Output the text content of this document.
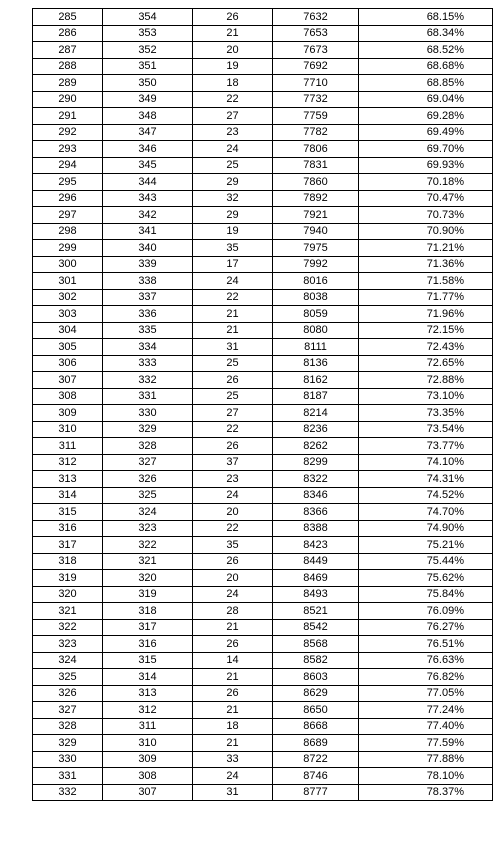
285	354	26	7632	68.15%
286	353	21	7653	68.34%
287	352	20	7673	68.52%
288	351	19	7692	68.68%
289	350	18	7710	68.85%
290	349	22	7732	69.04%
291	348	27	7759	69.28%
292	347	23	7782	69.49%
293	346	24	7806	69.70%
294	345	25	7831	69.93%
295	344	29	7860	70.18%
296	343	32	7892	70.47%
297	342	29	7921	70.73%
298	341	19	7940	70.90%
299	340	35	7975	71.21%
300	339	17	7992	71.36%
301	338	24	8016	71.58%
302	337	22	8038	71.77%
303	336	21	8059	71.96%
304	335	21	8080	72.15%
305	334	31	8111	72.43%
306	333	25	8136	72.65%
307	332	26	8162	72.88%
308	331	25	8187	73.10%
309	330	27	8214	73.35%
310	329	22	8236	73.54%
311	328	26	8262	73.77%
312	327	37	8299	74.10%
313	326	23	8322	74.31%
314	325	24	8346	74.52%
315	324	20	8366	74.70%
316	323	22	8388	74.90%
317	322	35	8423	75.21%
318	321	26	8449	75.44%
319	320	20	8469	75.62%
320	319	24	8493	75.84%
321	318	28	8521	76.09%
322	317	21	8542	76.27%
323	316	26	8568	76.51%
324	315	14	8582	76.63%
325	314	21	8603	76.82%
326	313	26	8629	77.05%
327	312	21	8650	77.24%
328	311	18	8668	77.40%
329	310	21	8689	77.59%
330	309	33	8722	77.88%
331	308	24	8746	78.10%
332	307	31	8777	78.37%
